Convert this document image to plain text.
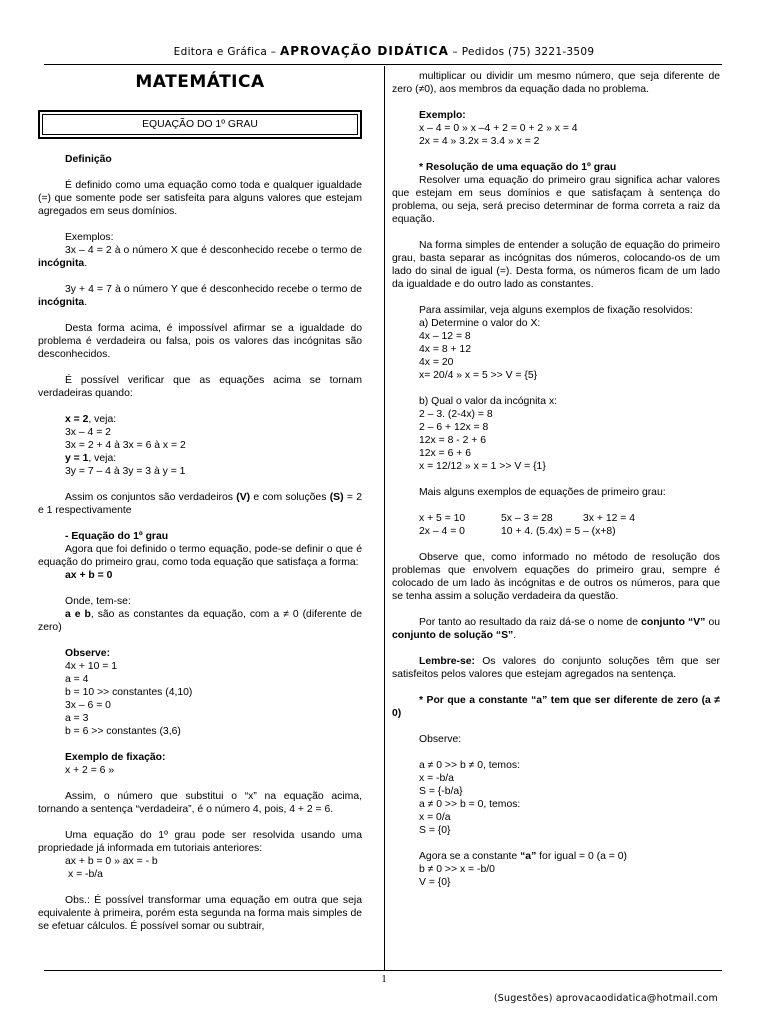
Editora e Gráfica – APROVAÇÃO DIDÁTICA – Pedidos (75) 3221-3509
MATEMÁTICA
EQUAÇÃO DO 1º GRAU

Definição

É definido como uma equação como toda e qualquer igualdade (=) que somente pode ser satisfeita para alguns valores que estejam agregados em seus domínios.

Exemplos:

3x – 4 = 2 à o número X que é desconhecido recebe o termo de incógnita.

3y + 4 = 7 à o número Y que é desconhecido recebe o termo de incógnita.

Desta forma acima, é impossível afirmar se a igualdade do problema é verdadeira ou falsa, pois os valores das incógnitas são desconhecidos.

É possível verificar que as equações acima se tornam verdadeiras quando:

x = 2, veja:

3x – 4 = 2

3x = 2 + 4 à 3x = 6 à x = 2

y = 1, veja:

3y = 7 – 4 à 3y = 3 à y = 1

Assim os conjuntos são verdadeiros (V) e com soluções (S) = 2 e 1 respectivamente

- Equação do 1º grau

Agora que foi definido o termo equação, pode-se definir o que é equação do primeiro grau, como toda equação que satisfaça a forma:

ax + b = 0

Onde, tem-se:

a e b, são as constantes da equação, com a ≠ 0 (diferente de zero)

Observe:

4x + 10 = 1

a = 4

b = 10 >> constantes (4,10)

3x – 6 = 0

a = 3

b = 6 >> constantes (3,6)

Exemplo de fixação:

x + 2 = 6 »

Assim, o número que substitui o “x” na equação acima, tornando a sentença “verdadeira”, é o número 4, pois, 4 + 2 = 6.

Uma equação do 1º grau pode ser resolvida usando uma propriedade já informada em tutoriais anteriores:

ax + b = 0 » ax = - b

x = -b/a

Obs.: É possível transformar uma equação em outra que seja equivalente à primeira, porém esta segunda na forma mais simples de se efetuar cálculos. É possível somar ou subtrair,

multiplicar ou dividir um mesmo número, que seja diferente de zero (≠0), aos membros da equação dada no problema.

Exemplo:

x – 4 = 0 » x –4 + 2 = 0 + 2 » x = 4

2x = 4 » 3.2x = 3.4 » x = 2

* Resolução de uma equação do 1º grau

Resolver uma equação do primeiro grau significa achar valores que estejam em seus domínios e que satisfaçam à sentença do problema, ou seja, será preciso determinar de forma correta a raiz da equação.

Na forma simples de entender a solução de equação do primeiro grau, basta separar as incógnitas dos números, colocando-os de um lado do sinal de igual (=). Desta forma, os números ficam de um lado da igualdade e do outro lado as constantes.

Para assimilar, veja alguns exemplos de fixação resolvidos:

a) Determine o valor do X:

4x – 12 = 8

4x = 8 + 12

4x = 20

x= 20/4 » x = 5 >> V = {5}

b) Qual o valor da incógnita x:

2 – 3. (2-4x) = 8

2 – 6 + 12x = 8

12x = 8 - 2 + 6

12x = 6 + 6

x = 12/12 » x = 1 >> V = {1}

Mais alguns exemplos de equações de primeiro grau:

x + 5 = 10	5x – 3 = 28	3x + 12 = 4
2x – 4 = 0	10 + 4. (5.4x) = 5 – (x+8)

Observe que, como informado no método de resolução dos problemas que envolvem equações do primeiro grau, sempre é colocado de um lado às incógnitas e de outros os números, para que se tenha assim a solução verdadeira da questão.

Por tanto ao resultado da raiz dá-se o nome de conjunto “V” ou conjunto de solução “S”.

Lembre-se: Os valores do conjunto soluções têm que ser satisfeitos pelos valores que estejam agregados na sentença.

* Por que a constante “a” tem que ser diferente de zero (a ≠ 0)

Observe:

a ≠ 0 >> b ≠ 0, temos:

x = -b/a

S = {-b/a}

a ≠ 0 >> b = 0, temos:

x = 0/a

S = {0}

Agora se a constante “a” for igual = 0 (a = 0)

b ≠ 0 >> x = -b/0

V = {0}

1
(Sugestões) aprovacaodidatica@hotmail.com
